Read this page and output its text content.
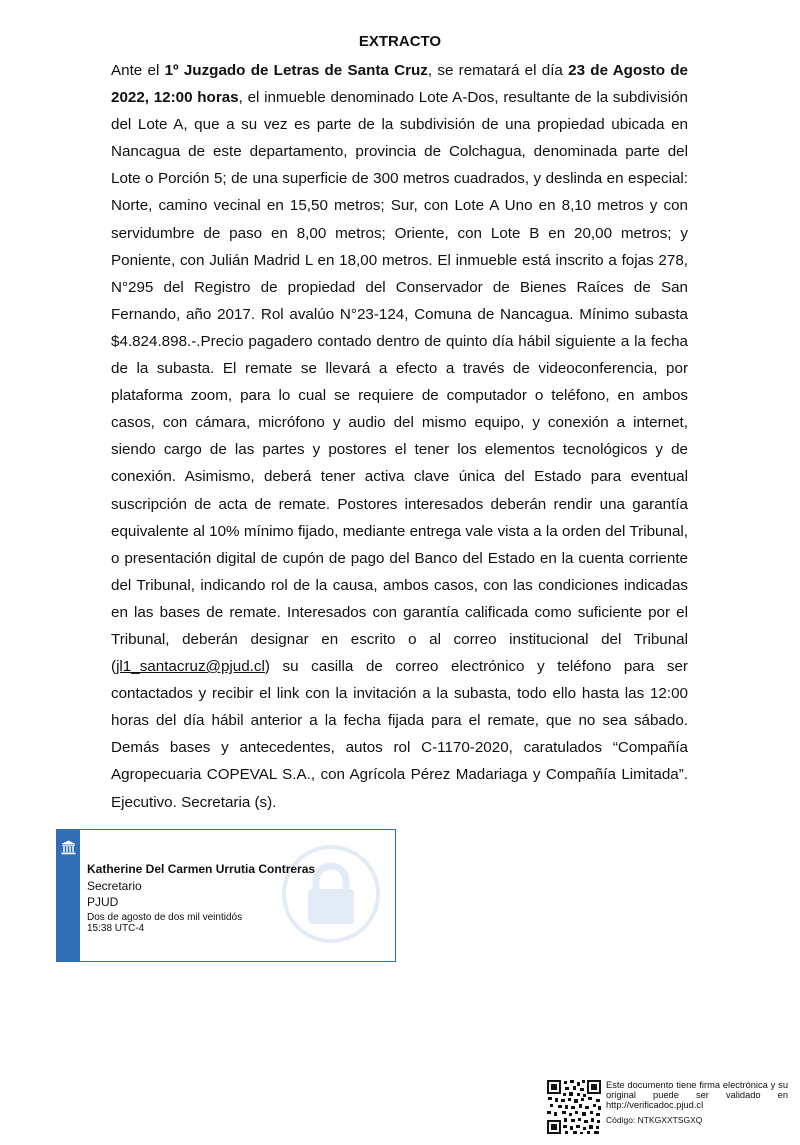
EXTRACTO
Ante el 1º Juzgado de Letras de Santa Cruz, se rematará el día 23 de Agosto de 2022, 12:00 horas, el inmueble denominado Lote A-Dos, resultante de la subdivisión del Lote A, que a su vez es parte de la subdivisión de una propiedad ubicada en Nancagua de este departamento, provincia de Colchagua, denominada parte del Lote o Porción 5; de una superficie de 300 metros cuadrados, y deslinda en especial: Norte, camino vecinal en 15,50 metros; Sur, con Lote A Uno en 8,10 metros y con servidumbre de paso en 8,00 metros; Oriente, con Lote B en 20,00 metros; y Poniente, con Julián Madrid L en 18,00 metros. El inmueble está inscrito a fojas 278, N°295 del Registro de propiedad del Conservador de Bienes Raíces de San Fernando, año 2017. Rol avalúo N°23-124, Comuna de Nancagua. Mínimo subasta $4.824.898.-.Precio pagadero contado dentro de quinto día hábil siguiente a la fecha de la subasta. El remate se llevará a efecto a través de videoconferencia, por plataforma zoom, para lo cual se requiere de computador o teléfono, en ambos casos, con cámara, micrófono y audio del mismo equipo, y conexión a internet, siendo cargo de las partes y postores el tener los elementos tecnológicos y de conexión. Asimismo, deberá tener activa clave única del Estado para eventual suscripción de acta de remate. Postores interesados deberán rendir una garantía equivalente al 10% mínimo fijado, mediante entrega vale vista a la orden del Tribunal, o presentación digital de cupón de pago del Banco del Estado en la cuenta corriente del Tribunal, indicando rol de la causa, ambos casos, con las condiciones indicadas en las bases de remate. Interesados con garantía calificada como suficiente por el Tribunal, deberán designar en escrito o al correo institucional del Tribunal (jl1_santacruz@pjud.cl) su casilla de correo electrónico y teléfono para ser contactados y recibir el link con la invitación a la subasta, todo ello hasta las 12:00 horas del día hábil anterior a la fecha fijada para el remate, que no sea sábado. Demás bases y antecedentes, autos rol C-1170-2020, caratulados “Compañía Agropecuaria COPEVAL S.A., con Agrícola Pérez Madariaga y Compañía Limitada”. Ejecutivo. Secretaria (s).
Katherine Del Carmen Urrutia Contreras
Secretario
PJUD
Dos de agosto de dos mil veintidós
15:38 UTC-4
Este documento tiene firma electrónica y su original puede ser validado en http://verificadoc.pjud.cl
Código: NTKGXXTSGXQ
